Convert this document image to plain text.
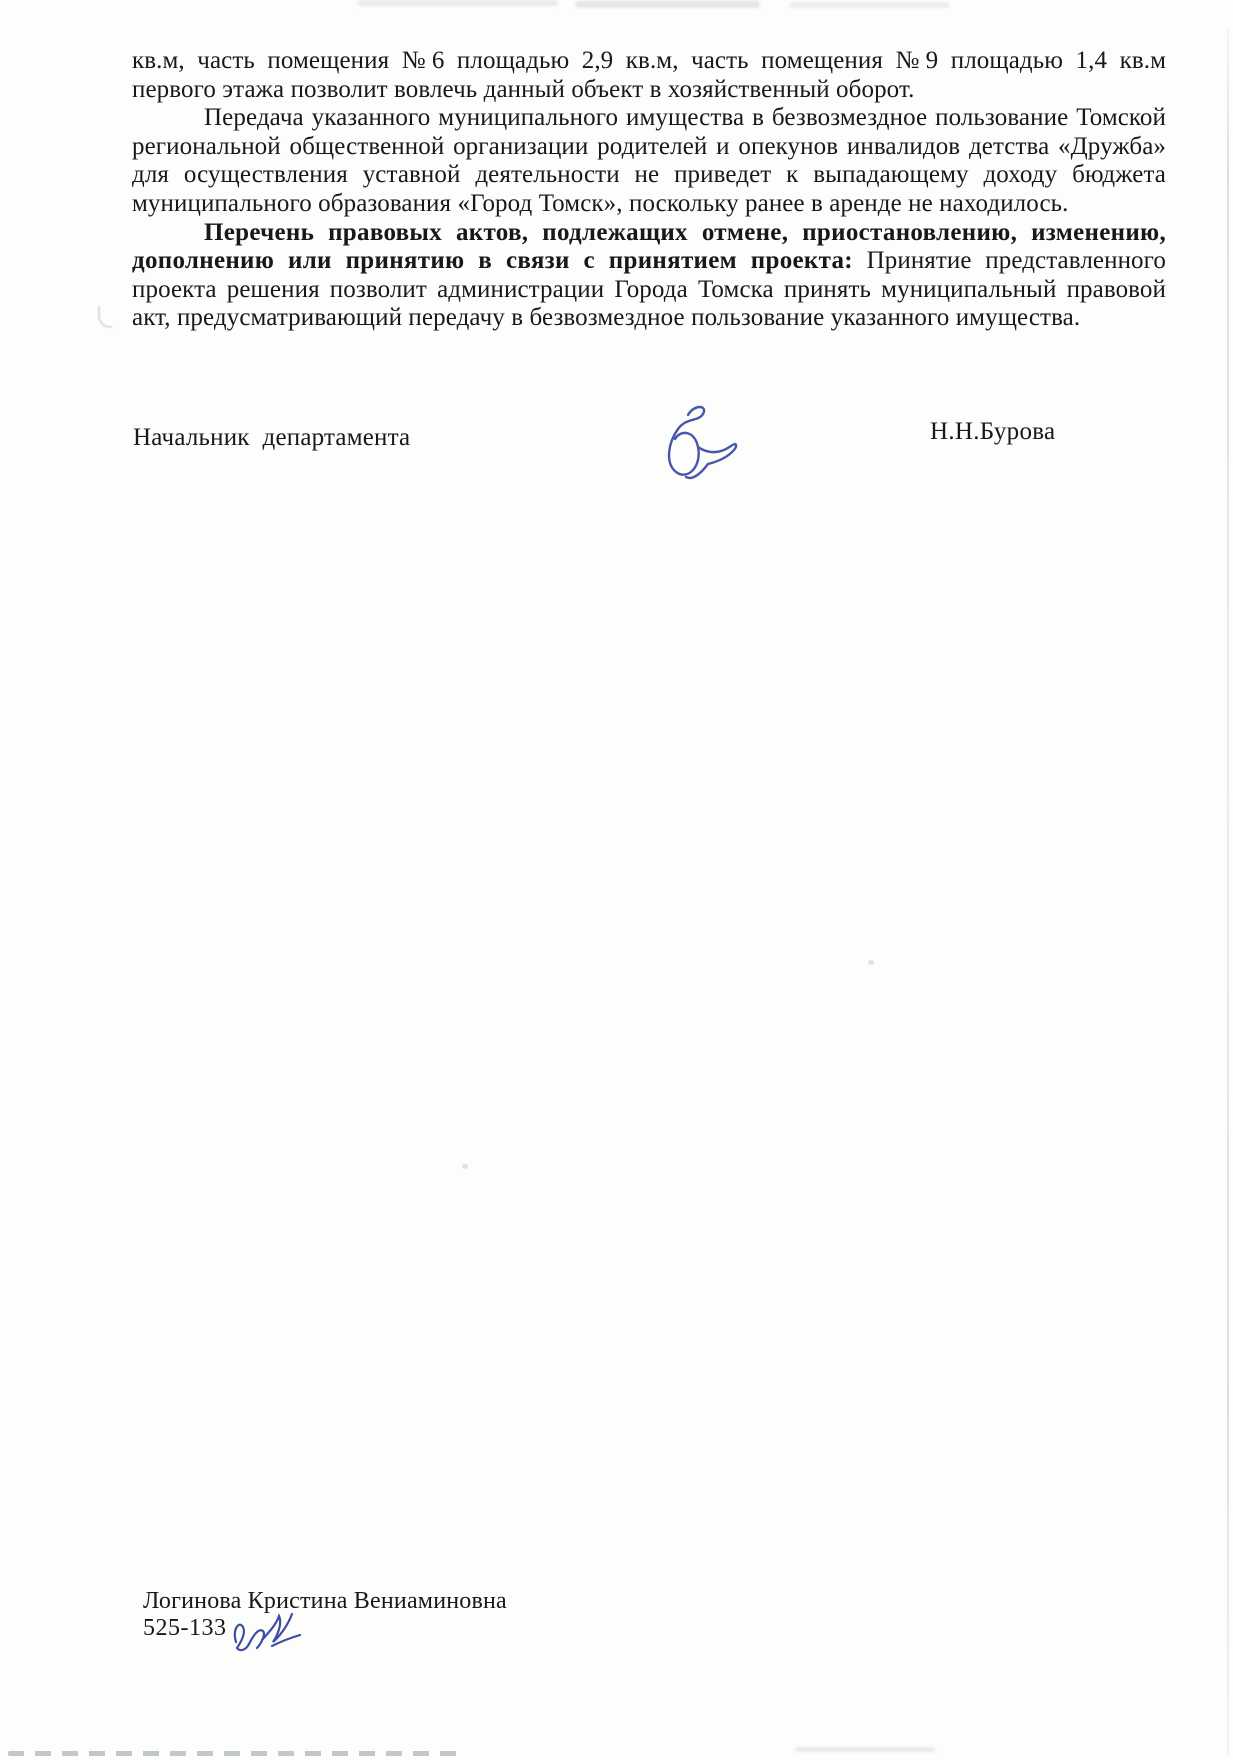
кв.м, часть помещения №6 площадью 2,9 кв.м, часть помещения №9 площадью 1,4 кв.м первого этажа позволит вовлечь данный объект в хозяйственный оборот.

Передача указанного муниципального имущества в безвозмездное пользование Томской региональной общественной организации родителей и опекунов инвалидов детства «Дружба» для осуществления уставной деятельности не приведет к выпадающему доходу бюджета муниципального образования «Город Томск», поскольку ранее в аренде не находилось.

Перечень правовых актов, подлежащих отмене, приостановлению, изменению, дополнению или принятию в связи с принятием проекта: Принятие представленного проекта решения позволит администрации Города Томска принять муниципальный правовой акт, предусматривающий передачу в безвозмездное пользование указанного имущества.

Начальник  департамента	Н.Н.Бурова
Логинова Кристина Вениаминовна
525-133
